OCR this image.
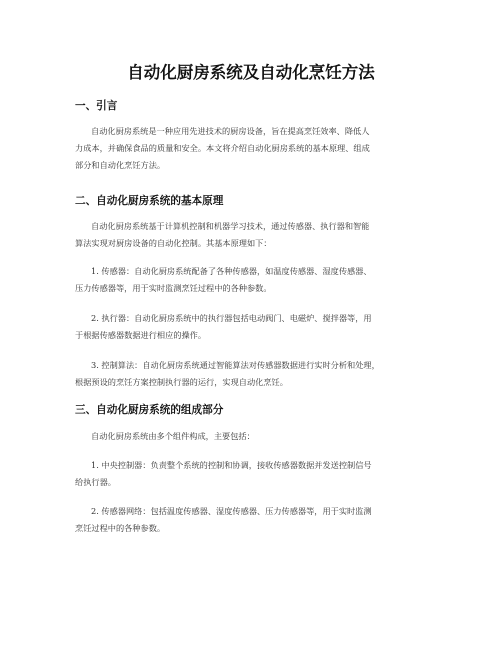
自动化厨房系统及自动化烹饪方法
一、引言
自动化厨房系统是一种应用先进技术的厨房设备，旨在提高烹饪效率、降低人
力成本，并确保食品的质量和安全。本文将介绍自动化厨房系统的基本原理、组成
部分和自动化烹饪方法。
二、自动化厨房系统的基本原理
自动化厨房系统基于计算机控制和机器学习技术，通过传感器、执行器和智能
算法实现对厨房设备的自动化控制。其基本原理如下：
1. 传感器：自动化厨房系统配备了各种传感器，如温度传感器、湿度传感器、
压力传感器等，用于实时监测烹饪过程中的各种参数。
2. 执行器：自动化厨房系统中的执行器包括电动阀门、电磁炉、搅拌器等，用
于根据传感器数据进行相应的操作。
3. 控制算法：自动化厨房系统通过智能算法对传感器数据进行实时分析和处理，
根据预设的烹饪方案控制执行器的运行，实现自动化烹饪。
三、自动化厨房系统的组成部分
自动化厨房系统由多个组件构成，主要包括：
1. 中央控制器：负责整个系统的控制和协调，接收传感器数据并发送控制信号
给执行器。
2. 传感器网络：包括温度传感器、湿度传感器、压力传感器等，用于实时监测
烹饪过程中的各种参数。
